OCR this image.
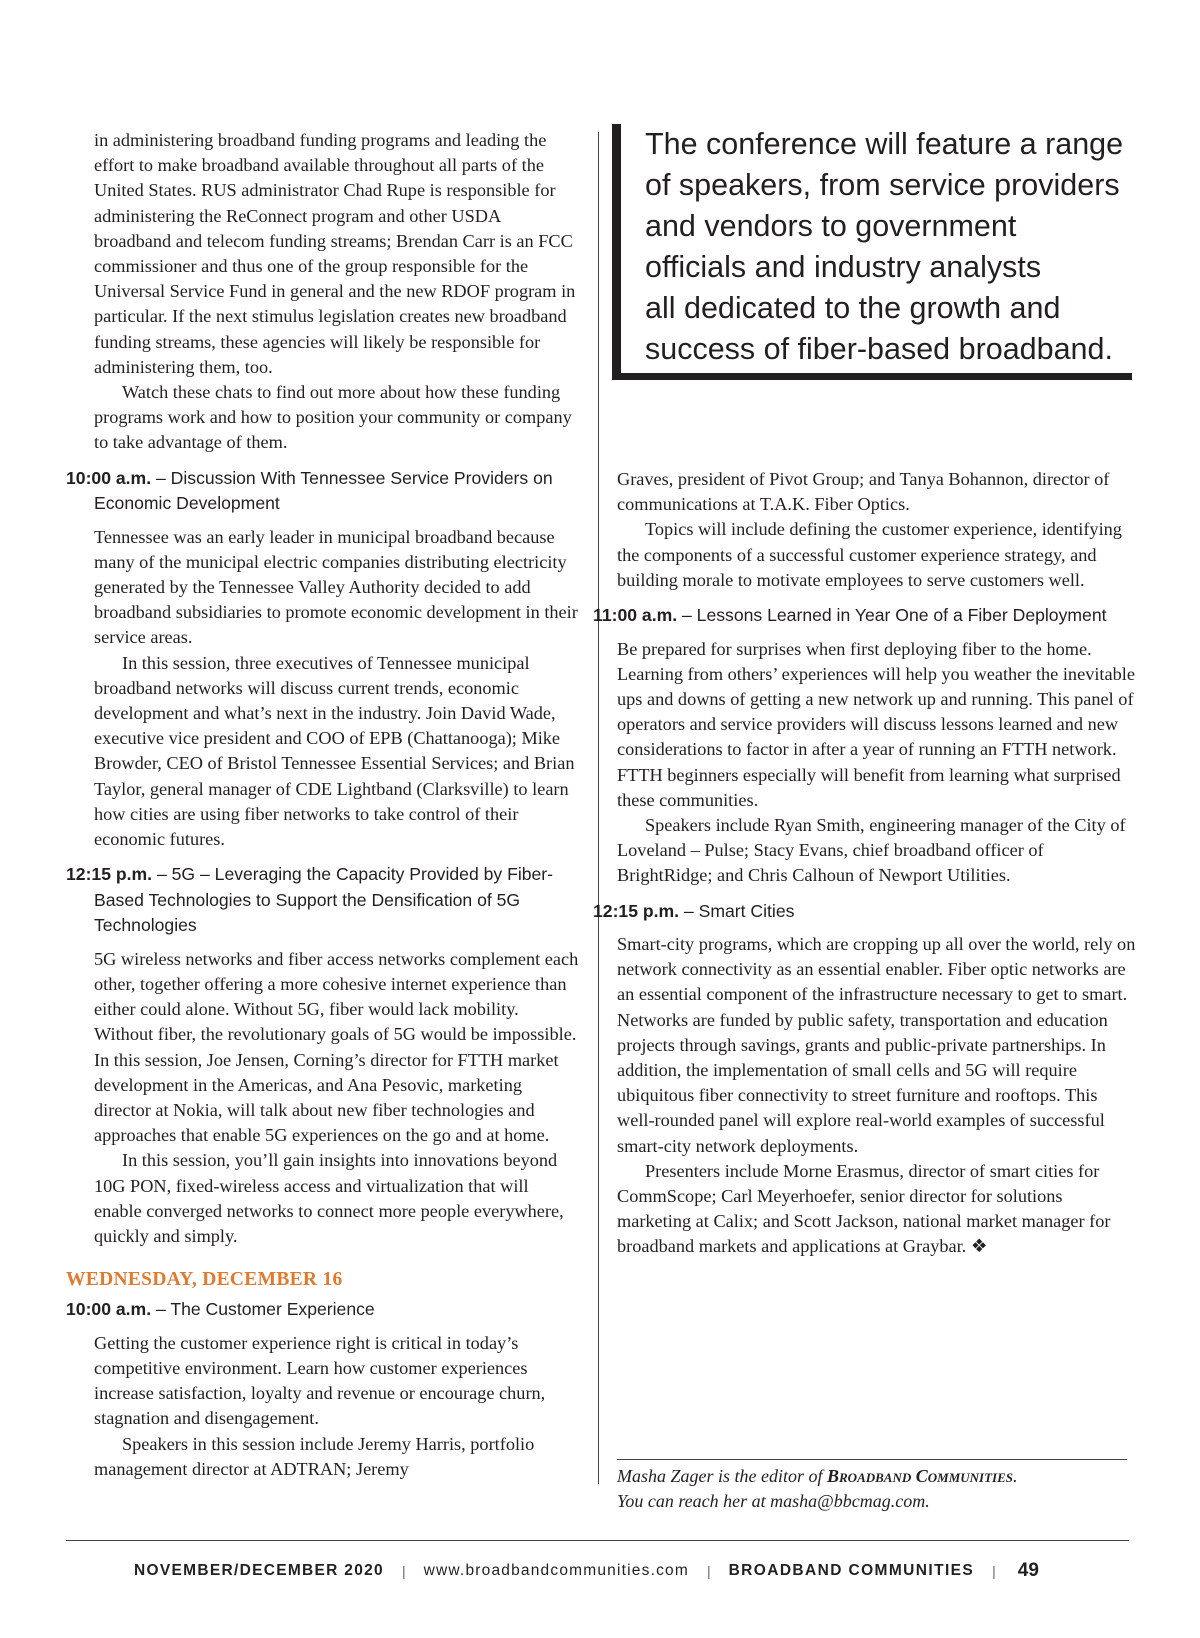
in administering broadband funding programs and leading the effort to make broadband available throughout all parts of the United States. RUS administrator Chad Rupe is responsible for administering the ReConnect program and other USDA broadband and telecom funding streams; Brendan Carr is an FCC commissioner and thus one of the group responsible for the Universal Service Fund in general and the new RDOF program in particular. If the next stimulus legislation creates new broadband funding streams, these agencies will likely be responsible for administering them, too.

Watch these chats to find out more about how these funding programs work and how to position your community or company to take advantage of them.

10:00 a.m. – Discussion With Tennessee Service Providers on Economic Development

Tennessee was an early leader in municipal broadband because many of the municipal electric companies distributing electricity generated by the Tennessee Valley Authority decided to add broadband subsidiaries to promote economic development in their service areas.

In this session, three executives of Tennessee municipal broadband networks will discuss current trends, economic development and what’s next in the industry. Join David Wade, executive vice president and COO of EPB (Chattanooga); Mike Browder, CEO of Bristol Tennessee Essential Services; and Brian Taylor, general manager of CDE Lightband (Clarksville) to learn how cities are using fiber networks to take control of their economic futures.

12:15 p.m. – 5G – Leveraging the Capacity Provided by Fiber-Based Technologies to Support the Densification of 5G Technologies

5G wireless networks and fiber access networks complement each other, together offering a more cohesive internet experience than either could alone. Without 5G, fiber would lack mobility. Without fiber, the revolutionary goals of 5G would be impossible. In this session, Joe Jensen, Corning’s director for FTTH market development in the Americas, and Ana Pesovic, marketing director at Nokia, will talk about new fiber technologies and approaches that enable 5G experiences on the go and at home.

In this session, you’ll gain insights into innovations beyond 10G PON, fixed-wireless access and virtualization that will enable converged networks to connect more people everywhere, quickly and simply.

WEDNESDAY, DECEMBER 16
10:00 a.m. – The Customer Experience

Getting the customer experience right is critical in today’s competitive environment. Learn how customer experiences increase satisfaction, loyalty and revenue or encourage churn, stagnation and disengagement.

Speakers in this session include Jeremy Harris, portfolio management director at ADTRAN; Jeremy

The conference will feature a range
of speakers, from service providers
and vendors to government
officials and industry analysts
all dedicated to the growth and
success of fiber-based broadband.

Graves, president of Pivot Group; and Tanya Bohannon, director of communications at T.A.K. Fiber Optics.

Topics will include defining the customer experience, identifying the components of a successful customer experience strategy, and building morale to motivate employees to serve customers well.

11:00 a.m. – Lessons Learned in Year One of a Fiber Deployment

Be prepared for surprises when first deploying fiber to the home. Learning from others’ experiences will help you weather the inevitable ups and downs of getting a new network up and running. This panel of operators and service providers will discuss lessons learned and new considerations to factor in after a year of running an FTTH network. FTTH beginners especially will benefit from learning what surprised these communities.

Speakers include Ryan Smith, engineering manager of the City of Loveland – Pulse; Stacy Evans, chief broadband officer of BrightRidge; and Chris Calhoun of Newport Utilities.

12:15 p.m. – Smart Cities

Smart-city programs, which are cropping up all over the world, rely on network connectivity as an essential enabler. Fiber optic networks are an essential component of the infrastructure necessary to get to smart. Networks are funded by public safety, transportation and education projects through savings, grants and public-private partnerships. In addition, the implementation of small cells and 5G will require ubiquitous fiber connectivity to street furniture and rooftops. This well-rounded panel will explore real-world examples of successful smart-city network deployments.

Presenters include Morne Erasmus, director of smart cities for CommScope; Carl Meyerhoefer, senior director for solutions marketing at Calix; and Scott Jackson, national market manager for broadband markets and applications at Graybar. ❖

Masha Zager is the editor of Broadband Communities.
You can reach her at masha@bbcmag.com.
NOVEMBER/DECEMBER 2020 | www.broadbandcommunities.com | BROADBAND COMMUNITIES | 49
